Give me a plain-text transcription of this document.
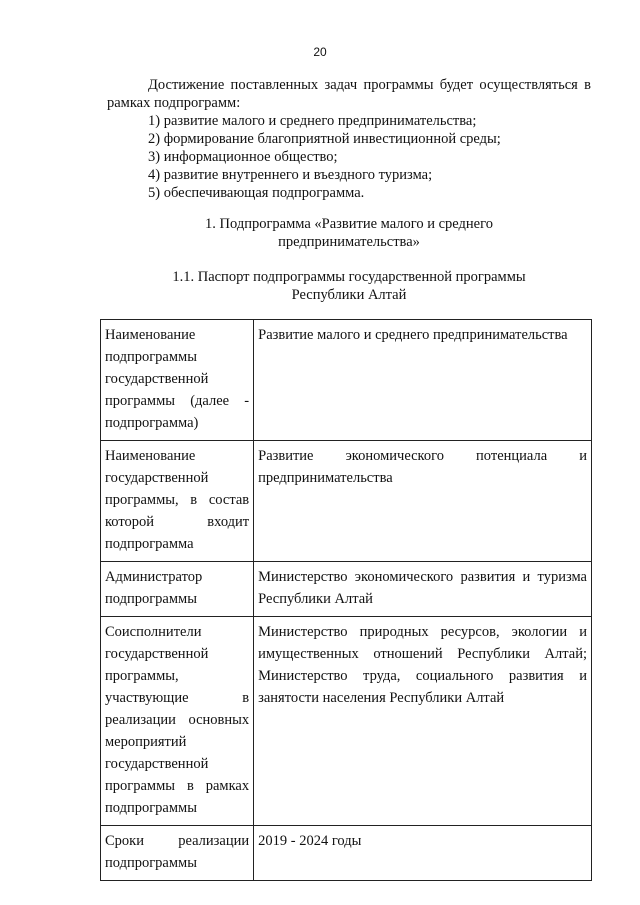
20

Достижение поставленных задач программы будет осуществляться в рамках подпрограмм:

1) развитие малого и среднего предпринимательства;

2) формирование благоприятной инвестиционной среды;

3) информационное общество;

4) развитие внутреннего и въездного туризма;

5) обеспечивающая подпрограмма.

1. Подпрограмма «Развитие малого и среднего
предпринимательства»
1.1. Паспорт подпрограммы государственной программы
Республики Алтай
Наименование подпрограммы государственной программы (далее - подпрограмма)	Развитие малого и среднего предпринимательства
Наименование государственной программы, в состав которой входит подпрограмма	Развитие экономического потенциала и предпринимательства
Администратор подпрограммы	Министерство экономического развития и туризма Республики Алтай
Соисполнители государственной программы, участвующие в реализации основных мероприятий государственной программы в рамках подпрограммы	Министерство природных ресурсов, экологии и имущественных отношений Республики Алтай; Министерство труда, социального развития и занятости населения Республики Алтай
Сроки реализации подпрограммы	2019 - 2024 годы
